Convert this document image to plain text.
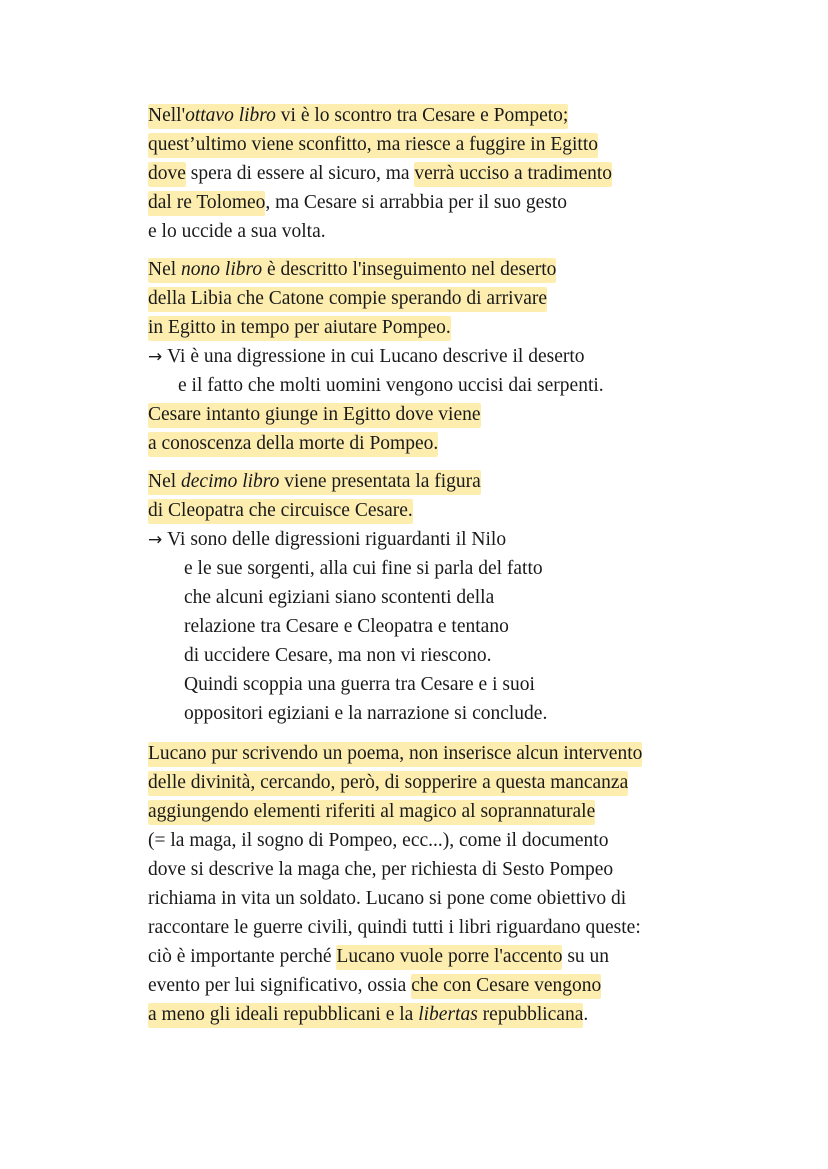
Nell'ottavo libro vi è lo scontro tra Cesare e Pompeto;

quest’ultimo viene sconfitto, ma riesce a fuggire in Egitto

dove spera di essere al sicuro, ma verrà ucciso a tradimento

dal re Tolomeo, ma Cesare si arrabbia per il suo gesto

e lo uccide a sua volta.

Nel nono libro è descritto l'inseguimento nel deserto

della Libia che Catone compie sperando di arrivare

in Egitto in tempo per aiutare Pompeo.

→ Vi è una digressione in cui Lucano descrive il deserto

e il fatto che molti uomini vengono uccisi dai serpenti.

Cesare intanto giunge in Egitto dove viene

a conoscenza della morte di Pompeo.

Nel decimo libro viene presentata la figura

di Cleopatra che circuisce Cesare.

→ Vi sono delle digressioni riguardanti il Nilo

e le sue sorgenti, alla cui fine si parla del fatto

che alcuni egiziani siano scontenti della

relazione tra Cesare e Cleopatra e tentano

di uccidere Cesare, ma non vi riescono.

Quindi scoppia una guerra tra Cesare e i suoi

oppositori egiziani e la narrazione si conclude.

Lucano pur scrivendo un poema, non inserisce alcun intervento

delle divinità, cercando, però, di sopperire a questa mancanza

aggiungendo elementi riferiti al magico al soprannaturale

(= la maga, il sogno di Pompeo, ecc...), come il documento

dove si descrive la maga che, per richiesta di Sesto Pompeo

richiama in vita un soldato. Lucano si pone come obiettivo di

raccontare le guerre civili, quindi tutti i libri riguardano queste:

ciò è importante perché Lucano vuole porre l'accento su un

evento per lui significativo, ossia che con Cesare vengono

a meno gli ideali repubblicani e la libertas repubblicana.
